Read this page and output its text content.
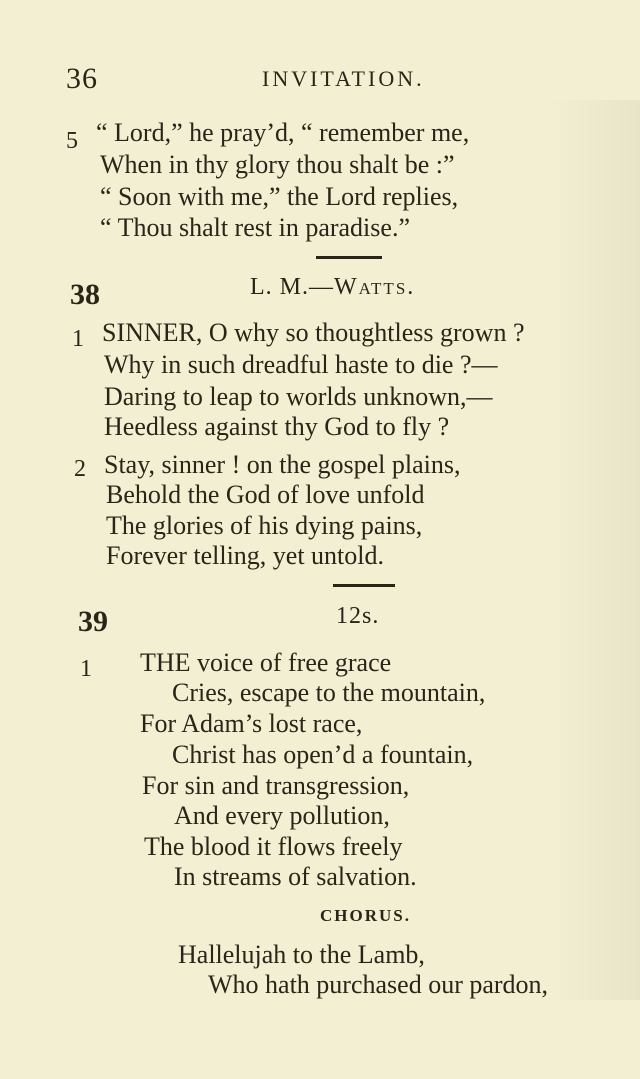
36	INVITATION.
5 “ Lord,” he pray’d, “ remember me,
When in thy glory thou shalt be :”
“ Soon with me,” the Lord replies,
“ Thou shalt rest in paradise.”
38	L. M.—Watts.
1 SINNER, O why so thoughtless grown ?
Why in such dreadful haste to die ?—
Daring to leap to worlds unknown,—
Heedless against thy God to fly ?
2 Stay, sinner ! on the gospel plains,
Behold the God of love unfold
The glories of his dying pains,
Forever telling, yet untold.
39	12s.
1 THE voice of free grace
Cries, escape to the mountain,
For Adam’s lost race,
Christ has open’d a fountain,
For sin and transgression,
And every pollution,
The blood it flows freely
In streams of salvation.
CHORUS.
Hallelujah to the Lamb,
Who hath purchased our pardon,
